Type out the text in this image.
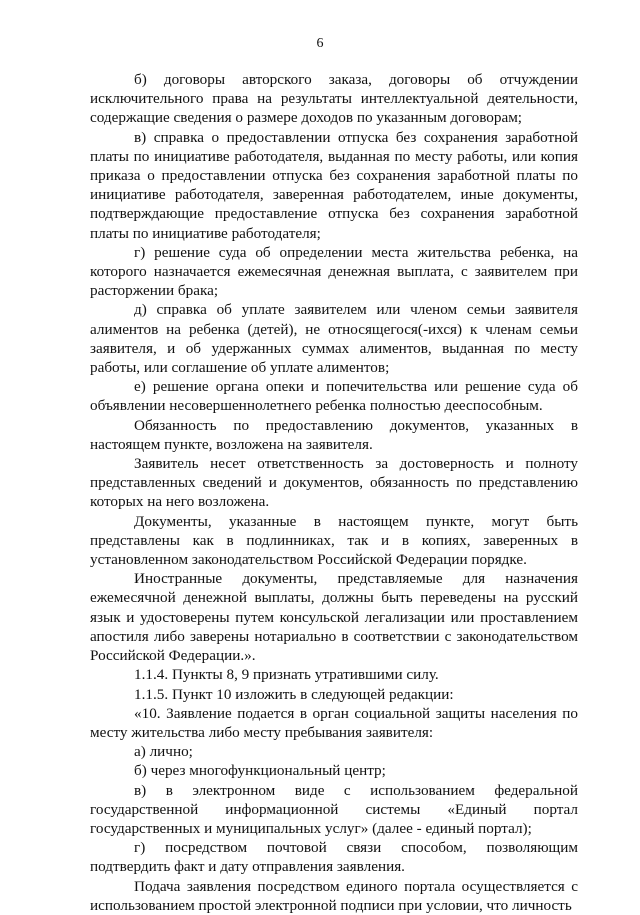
6

б) договоры авторского заказа, договоры об отчуждении исключительного права на результаты интеллектуальной деятельности, содержащие сведения о размере доходов по указанным договорам;

в) справка о предоставлении отпуска без сохранения заработной платы по инициативе работодателя, выданная по месту работы, или копия приказа о предоставлении отпуска без сохранения заработной платы по инициативе работодателя, заверенная работодателем, иные документы, подтверждающие предоставление отпуска без сохранения заработной платы по инициативе работодателя;

г) решение суда об определении места жительства ребенка, на которого назначается ежемесячная денежная выплата, с заявителем при расторжении брака;

д) справка об уплате заявителем или членом семьи заявителя алиментов на ребенка (детей), не относящегося(-ихся) к членам семьи заявителя, и об удержанных суммах алиментов, выданная по месту работы, или соглашение об уплате алиментов;

е) решение органа опеки и попечительства или решение суда об объявлении несовершеннолетнего ребенка полностью дееспособным.

Обязанность по предоставлению документов, указанных в настоящем пункте, возложена на заявителя.

Заявитель несет ответственность за достоверность и полноту представленных сведений и документов, обязанность по представлению которых на него возложена.

Документы, указанные в настоящем пункте, могут быть представлены как в подлинниках, так и в копиях, заверенных в установленном законодательством Российской Федерации порядке.

Иностранные документы, представляемые для назначения ежемесячной денежной выплаты, должны быть переведены на русский язык и удостоверены путем консульской легализации или проставлением апостиля либо заверены нотариально в соответствии с законодательством Российской Федерации.».

1.1.4. Пункты 8, 9 признать утратившими силу.

1.1.5. Пункт 10 изложить в следующей редакции:

«10. Заявление подается в орган социальной защиты населения по месту жительства либо месту пребывания заявителя:

а) лично;

б) через многофункциональный центр;

в) в электронном виде с использованием федеральной государственной информационной системы «Единый портал государственных и муниципальных услуг» (далее - единый портал);

г) посредством почтовой связи способом, позволяющим подтвердить факт и дату отправления заявления.

Подача заявления посредством единого портала осуществляется с использованием простой электронной подписи при условии, что личность
